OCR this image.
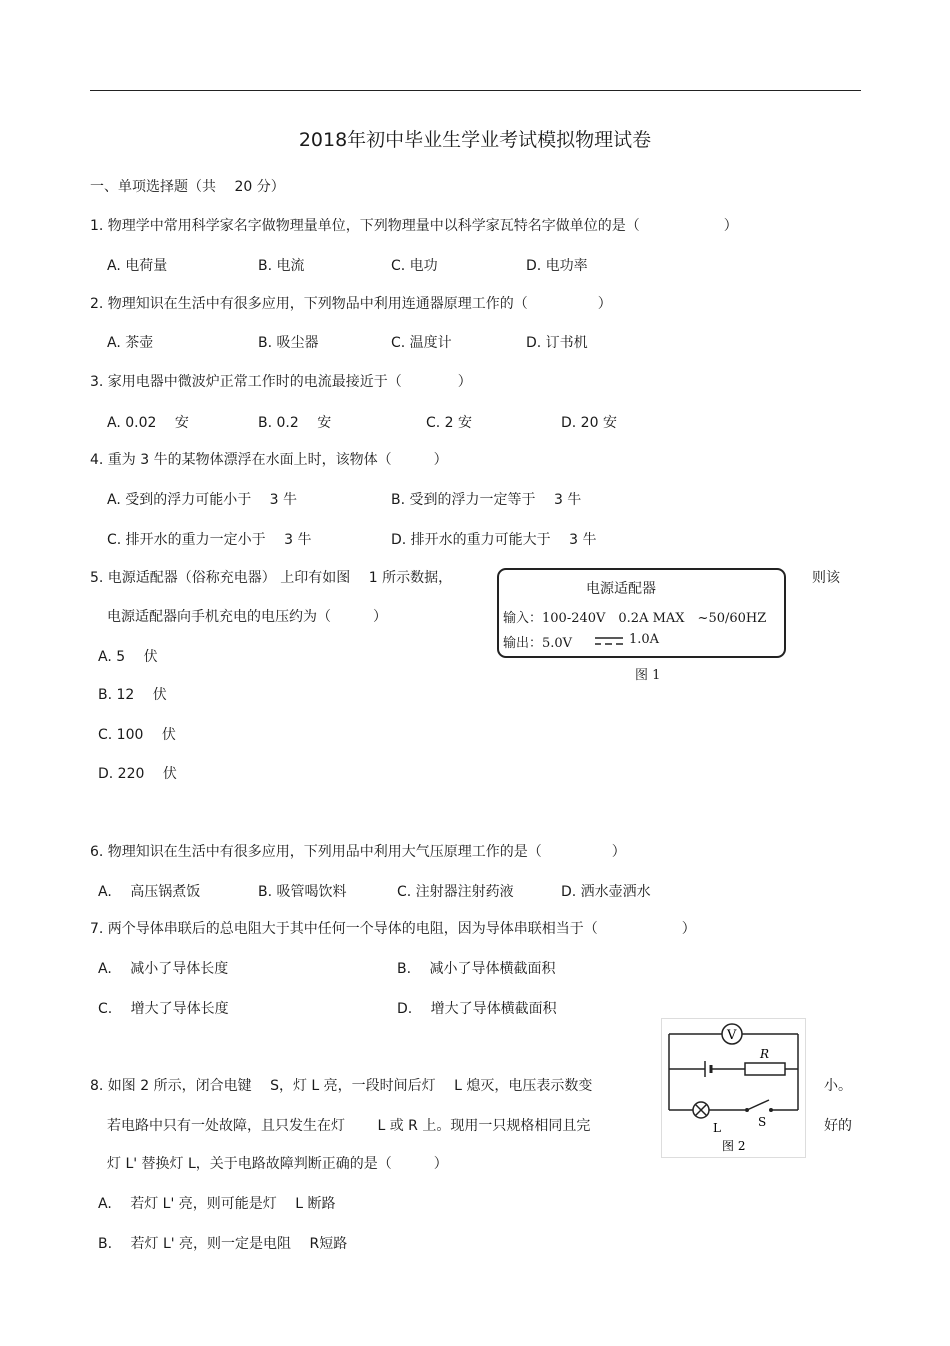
2018年初中毕业生学业考试模拟物理试卷
一、单项选择题（共　 20 分）
1. 物理学中常用科学家名字做物理量单位，下列物理量中以科学家瓦特名字做单位的是（　　　　　　）
A. 电荷量	B. 电流	C. 电功	D. 电功率
2. 物理知识在生活中有很多应用，下列物品中利用连通器原理工作的（　　　　　）
A. 茶壶	B. 吸尘器	C. 温度计	D. 订书机
3. 家用电器中微波炉正常工作时的电流最接近于（　　　　）
A. 0.02　 安	B. 0.2　 安	C. 2 安	D. 20 安
4. 重为 3 牛的某物体漂浮在水面上时，该物体（　　　）
A. 受到的浮力可能小于　 3 牛	B. 受到的浮力一定等于　 3 牛
C. 排开水的重力一定小于　 3 牛	D. 排开水的重力可能大于　 3 牛
5. 电源适配器（俗称充电器） 上印有如图　 1 所示数据，	则该
电源适配器向手机充电的电压约为（　　　）
A. 5　 伏
B. 12　 伏
C. 100　 伏
D. 220　 伏
电源适配器
输入：100-240V　0.2A MAX　~50/60HZ
输出：5.0V	1.0A
图 1
6. 物理知识在生活中有很多应用，下列用品中利用大气压原理工作的是（　　　　　）
A.　 高压锅煮饭	B. 吸管喝饮料	C. 注射器注射药液	D. 洒水壶洒水
7. 两个导体串联后的总电阻大于其中任何一个导体的电阻，因为导体串联相当于（　　　　　　）
A.　 减小了导体长度	B.　 减小了导体横截面积
C.　 增大了导体长度	D.　 增大了导体横截面积
V
R
L	S
图 2
8. 如图 2 所示，闭合电键　 S，灯 L 亮，一段时间后灯　 L 熄灭，电压表示数变	小。
若电路中只有一处故障，且只发生在灯　　 L 或 R 上。现用一只规格相同且完	好的
灯 L' 替换灯 L，关于电路故障判断正确的是（　　　）
A.　 若灯 L' 亮，则可能是灯　 L 断路
B.　 若灯 L' 亮，则一定是电阻　 R短路
